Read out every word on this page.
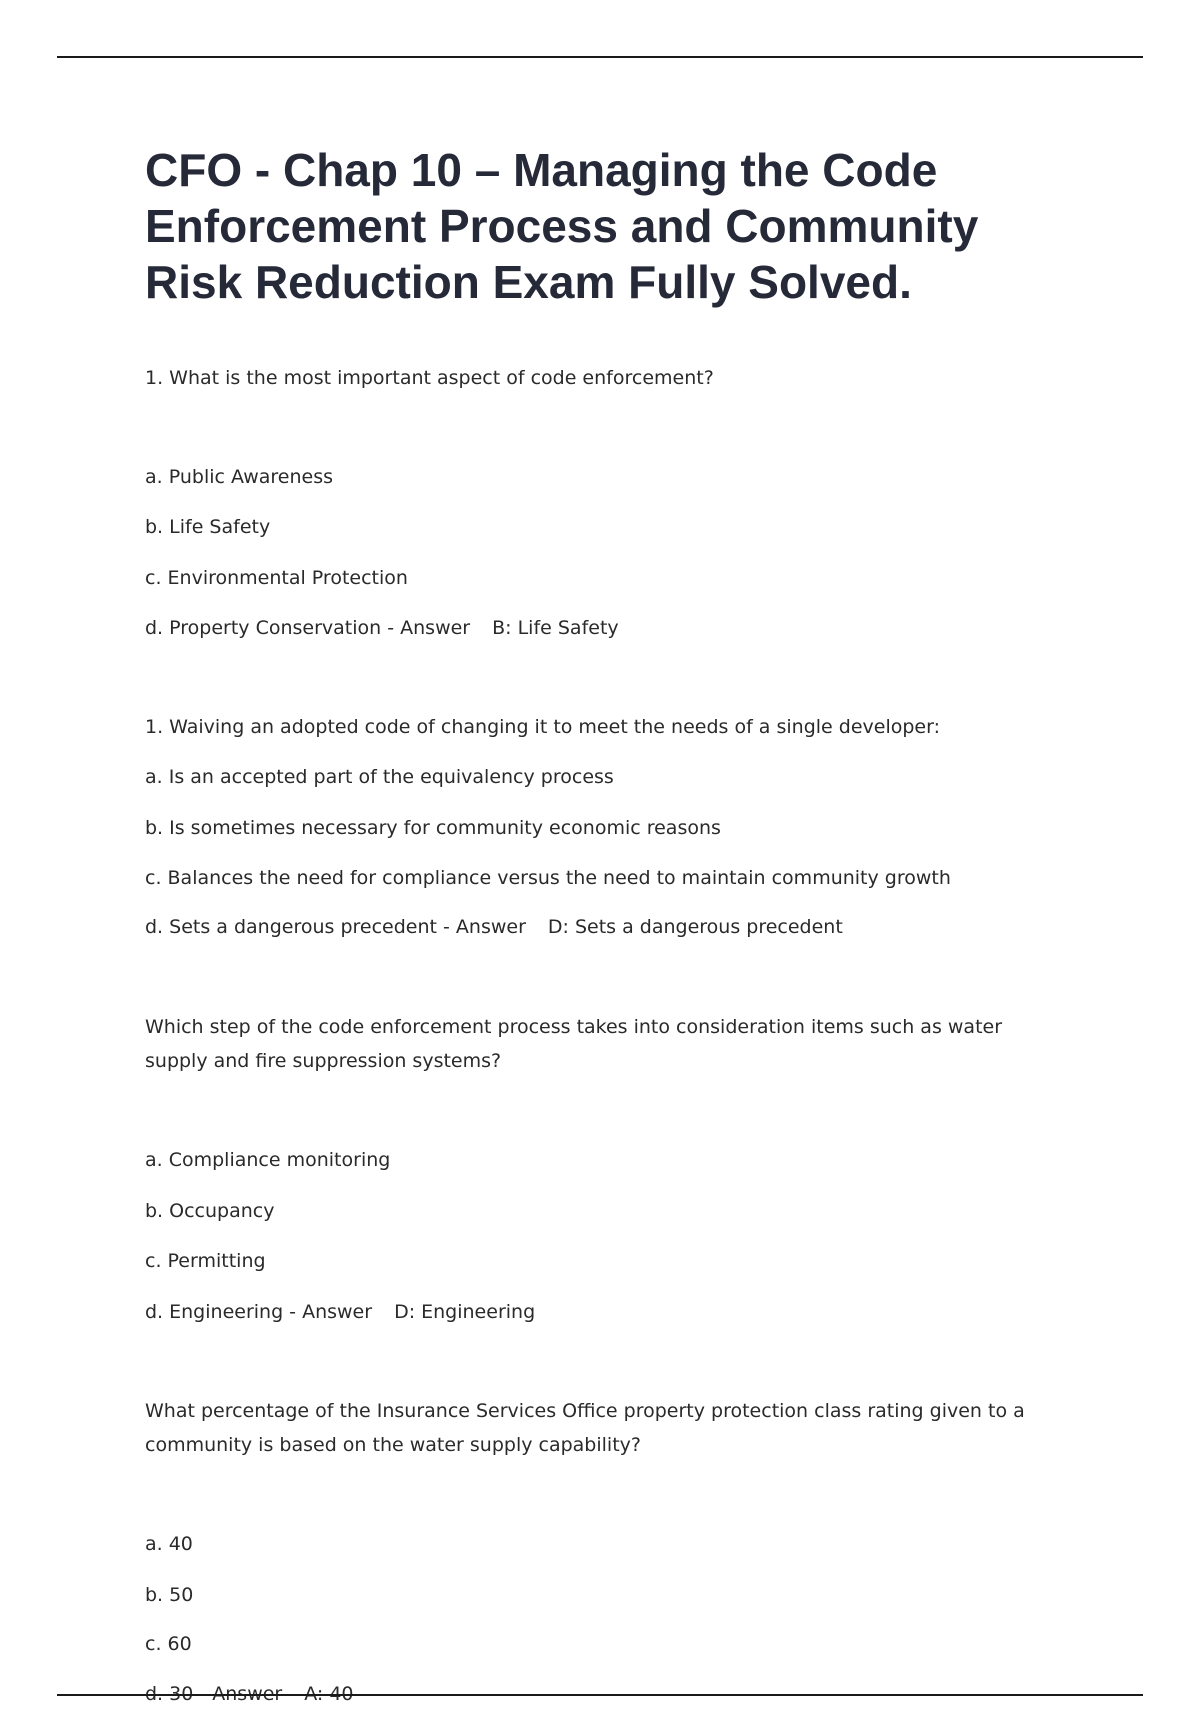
CFO - Chap 10 – Managing the Code Enforcement Process and Community Risk Reduction Exam Fully Solved.
1. What is the most important aspect of code enforcement?
a. Public Awareness
b. Life Safety
c. Environmental Protection
d. Property Conservation - Answer B: Life Safety
1. Waiving an adopted code of changing it to meet the needs of a single developer:
a. Is an accepted part of the equivalency process
b. Is sometimes necessary for community economic reasons
c. Balances the need for compliance versus the need to maintain community growth
d. Sets a dangerous precedent - Answer D: Sets a dangerous precedent
Which step of the code enforcement process takes into consideration items such as water supply and fire suppression systems?
a. Compliance monitoring
b. Occupancy
c. Permitting
d. Engineering - Answer D: Engineering
What percentage of the Insurance Services Office property protection class rating given to a community is based on the water supply capability?
a. 40
b. 50
c. 60
d. 30 - Answer A: 40
